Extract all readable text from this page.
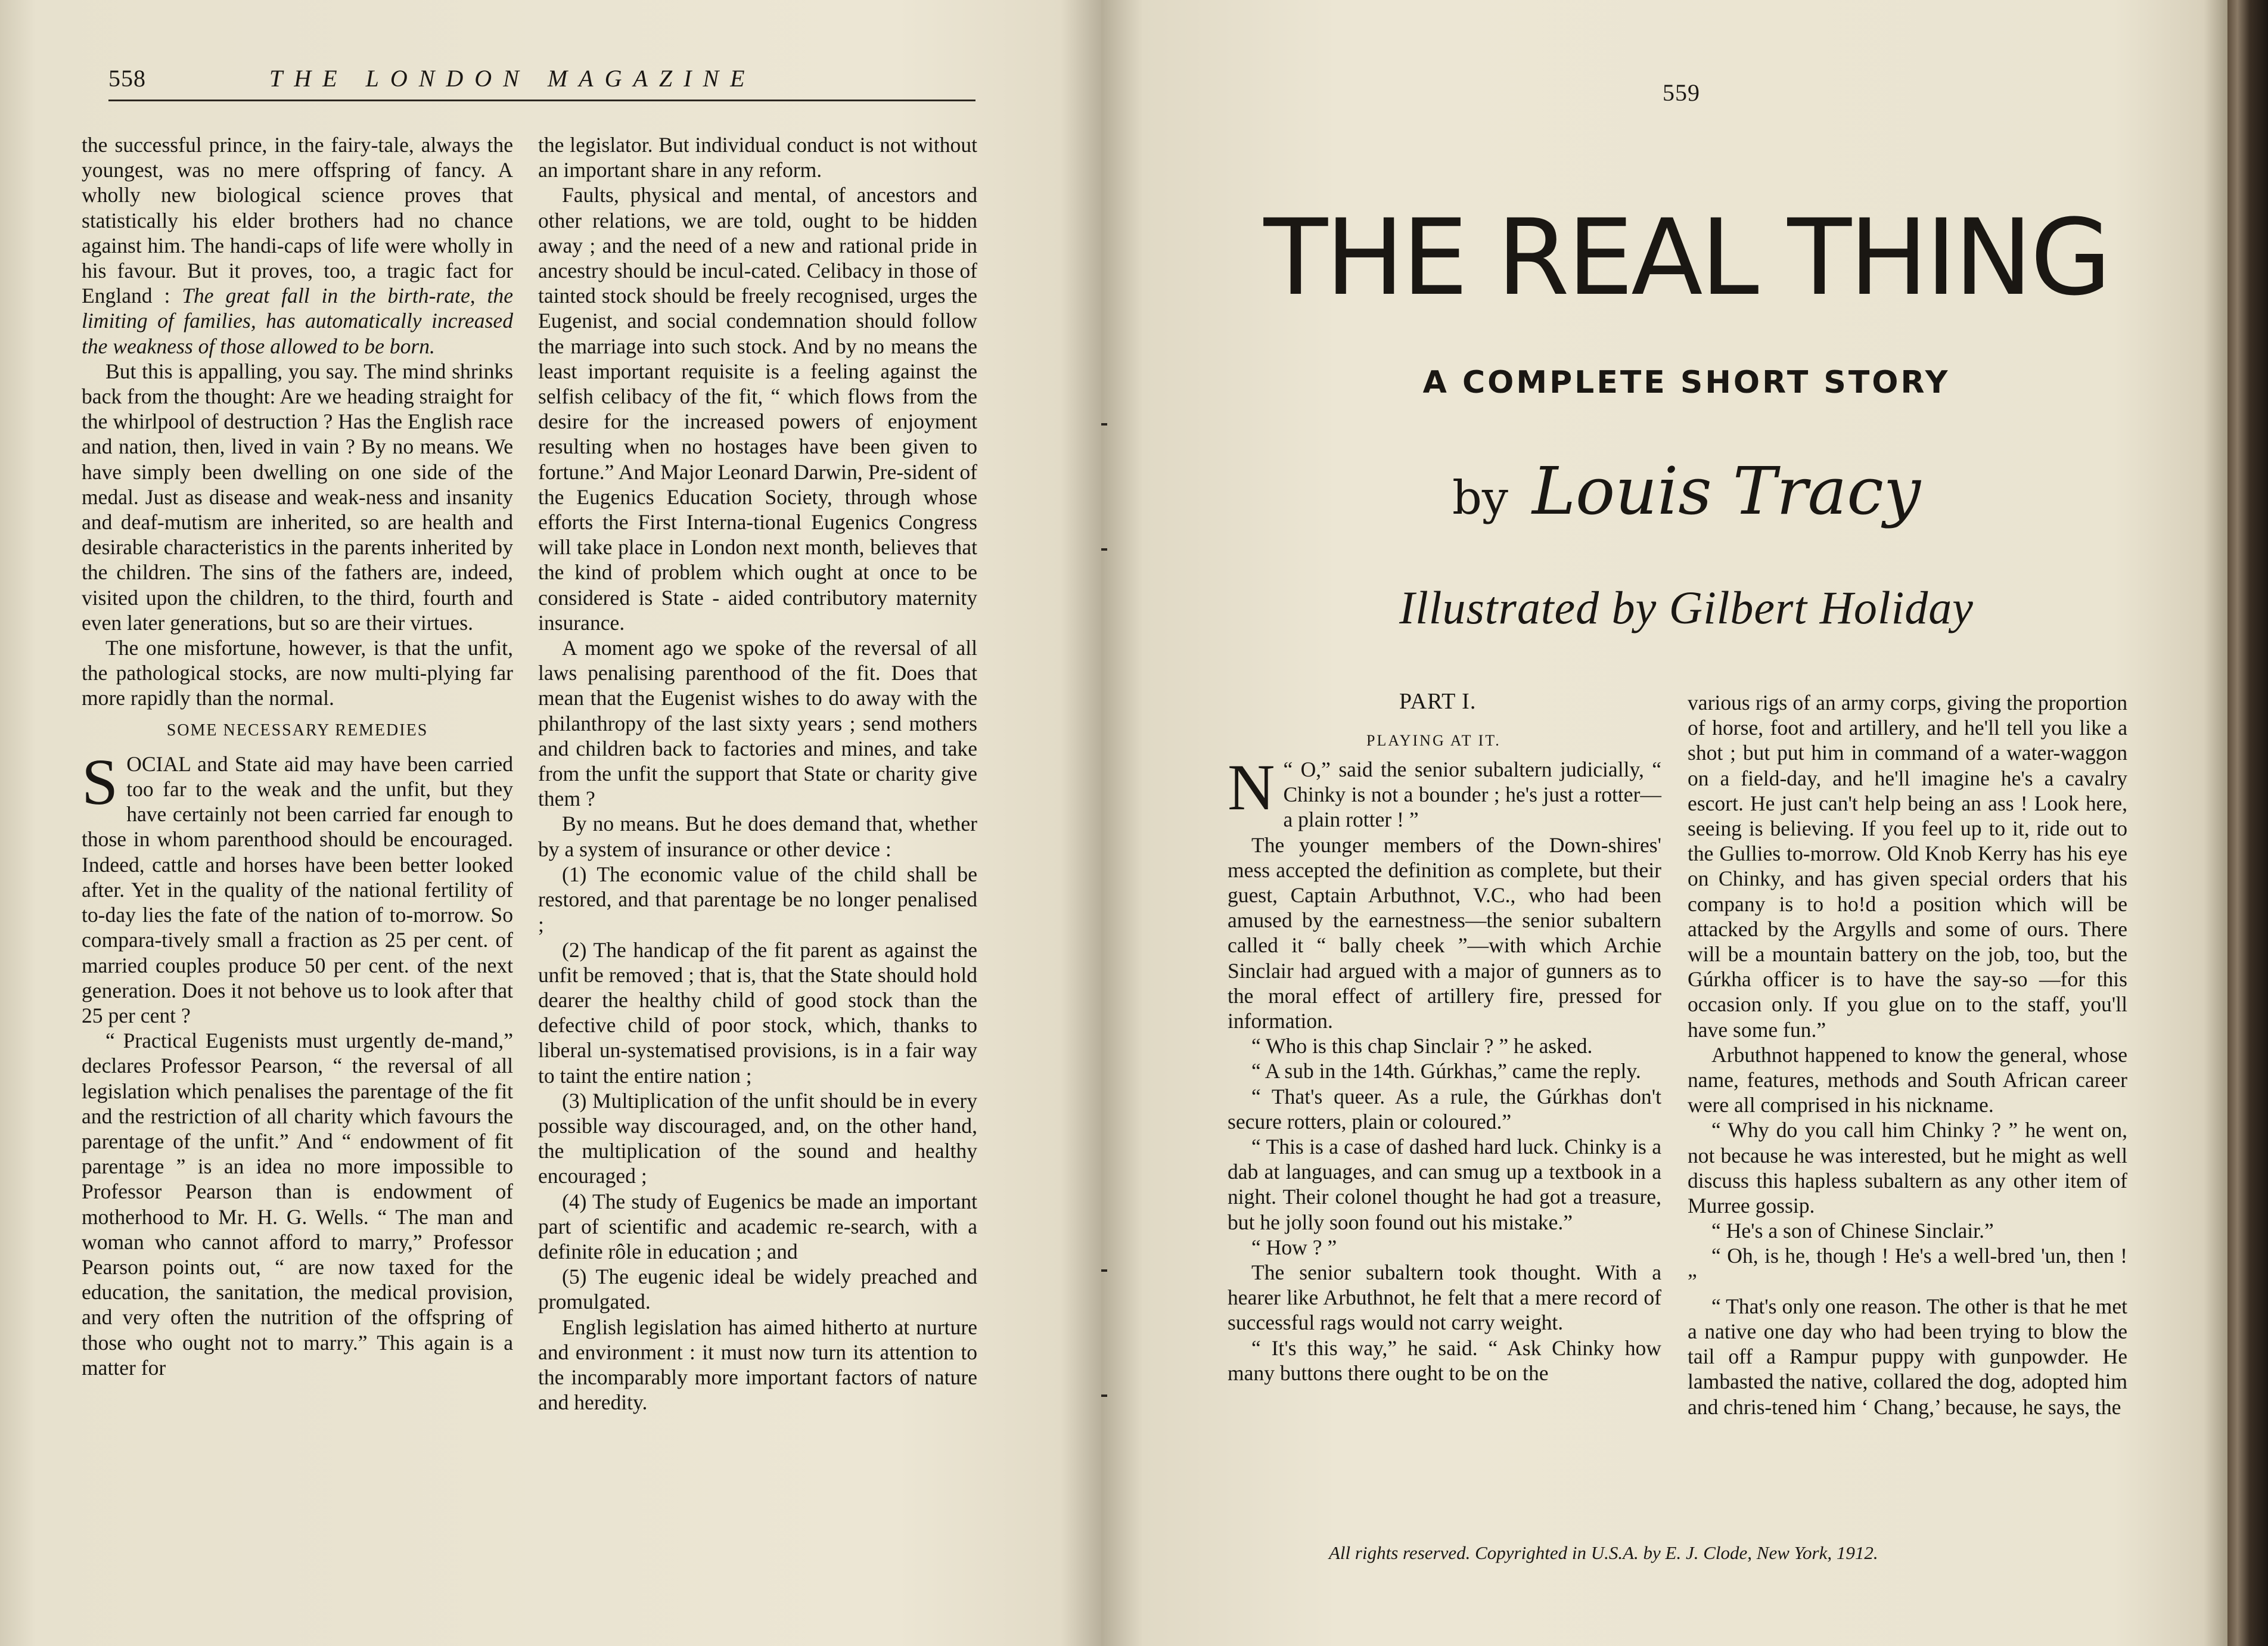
558	THE LONDON MAGAZINE

the successful prince, in the fairy-tale, always the youngest, was no mere offspring of fancy. A wholly new biological science proves that statistically his elder brothers had no chance against him. The handi-caps of life were wholly in his favour. But it proves, too, a tragic fact for England : The great fall in the birth-rate, the limiting of families, has automatically increased the weakness of those allowed to be born.

But this is appalling, you say. The mind shrinks back from the thought: Are we heading straight for the whirlpool of destruction ? Has the English race and nation, then, lived in vain ? By no means. We have simply been dwelling on one side of the medal. Just as disease and weak-ness and insanity and deaf-mutism are inherited, so are health and desirable characteristics in the parents inherited by the children. The sins of the fathers are, indeed, visited upon the children, to the third, fourth and even later generations, but so are their virtues.

The one misfortune, however, is that the unfit, the pathological stocks, are now multi-plying far more rapidly than the normal.

SOME NECESSARY REMEDIES

SOCIAL and State aid may have been carried too far to the weak and the unfit, but they have certainly not been carried far enough to those in whom parenthood should be encouraged. Indeed, cattle and horses have been better looked after. Yet in the quality of the national fertility of to-day lies the fate of the nation of to-morrow. So compara-tively small a fraction as 25 per cent. of married couples produce 50 per cent. of the next generation. Does it not behove us to look after that 25 per cent ?

“ Practical Eugenists must urgently de-mand,” declares Professor Pearson, “ the reversal of all legislation which penalises the parentage of the fit and the restriction of all charity which favours the parentage of the unfit.” And “ endowment of fit parentage ” is an idea no more impossible to Professor Pearson than is endowment of motherhood to Mr. H. G. Wells. “ The man and woman who cannot afford to marry,” Professor Pearson points out, “ are now taxed for the education, the sanitation, the medical provision, and very often the nutrition of the offspring of those who ought not to marry.” This again is a matter for

the legislator. But individual conduct is not without an important share in any reform.

Faults, physical and mental, of ancestors and other relations, we are told, ought to be hidden away ; and the need of a new and rational pride in ancestry should be incul-cated. Celibacy in those of tainted stock should be freely recognised, urges the Eugenist, and social condemnation should follow the marriage into such stock. And by no means the least important requisite is a feeling against the selfish celibacy of the fit, “ which flows from the desire for the increased powers of enjoyment resulting when no hostages have been given to fortune.” And Major Leonard Darwin, Pre-sident of the Eugenics Education Society, through whose efforts the First Interna-tional Eugenics Congress will take place in London next month, believes that the kind of problem which ought at once to be considered is State - aided contributory maternity insurance.

A moment ago we spoke of the reversal of all laws penalising parenthood of the fit. Does that mean that the Eugenist wishes to do away with the philanthropy of the last sixty years ; send mothers and children back to factories and mines, and take from the unfit the support that State or charity give them ?

By no means. But he does demand that, whether by a system of insurance or other device :

(1) The economic value of the child shall be restored, and that parentage be no longer penalised ;

(2) The handicap of the fit parent as against the unfit be removed ; that is, that the State should hold dearer the healthy child of good stock than the defective child of poor stock, which, thanks to liberal un-systematised provisions, is in a fair way to taint the entire nation ;

(3) Multiplication of the unfit should be in every possible way discouraged, and, on the other hand, the multiplication of the sound and healthy encouraged ;

(4) The study of Eugenics be made an important part of scientific and academic re-search, with a definite rôle in education ; and

(5) The eugenic ideal be widely preached and promulgated.

English legislation has aimed hitherto at nurture and environment : it must now turn its attention to the incomparably more important factors of nature and heredity.

559
THE REAL THING
A COMPLETE SHORT STORY
by Louis Tracy
Illustrated by Gilbert Holiday
PART I.
PLAYING AT IT.

N “ O,” said the senior subaltern judicially, “ Chinky is not a bounder ; he's just a rotter—a plain rotter ! ”

The younger members of the Down-shires' mess accepted the definition as complete, but their guest, Captain Arbuthnot, V.C., who had been amused by the earnestness—the senior subaltern called it “ bally cheek ”—with which Archie Sinclair had argued with a major of gunners as to the moral effect of artillery fire, pressed for information.

“ Who is this chap Sinclair ? ” he asked.

“ A sub in the 14th. Gúrkhas,” came the reply.

“ That's queer. As a rule, the Gúrkhas don't secure rotters, plain or coloured.”

“ This is a case of dashed hard luck. Chinky is a dab at languages, and can smug up a textbook in a night. Their colonel thought he had got a treasure, but he jolly soon found out his mistake.”

“ How ? ”

The senior subaltern took thought. With a hearer like Arbuthnot, he felt that a mere record of successful rags would not carry weight.

“ It's this way,” he said. “ Ask Chinky how many buttons there ought to be on the

various rigs of an army corps, giving the proportion of horse, foot and artillery, and he'll tell you like a shot ; but put him in command of a water-waggon on a field-day, and he'll imagine he's a cavalry escort. He just can't help being an ass ! Look here, seeing is believing. If you feel up to it, ride out to the Gullies to-morrow. Old Knob Kerry has his eye on Chinky, and has given special orders that his company is to ho!d a position which will be attacked by the Argylls and some of ours. There will be a mountain battery on the job, too, but the Gúrkha officer is to have the say-so —for this occasion only. If you glue on to the staff, you'll have some fun.”

Arbuthnot happened to know the general, whose name, features, methods and South African career were all comprised in his nickname.

“ Why do you call him Chinky ? ” he went on, not because he was interested, but he might as well discuss this hapless subaltern as any other item of Murree gossip.

“ He's a son of Chinese Sinclair.”

“ Oh, is he, though ! He's a well-bred 'un, then ! ”

“ That's only one reason. The other is that he met a native one day who had been trying to blow the tail off a Rampur puppy with gunpowder. He lambasted the native, collared the dog, adopted him and chris-tened him ‘ Chang,’ because, he says, the

All rights reserved. Copyrighted in U.S.A. by E. J. Clode, New York, 1912.
